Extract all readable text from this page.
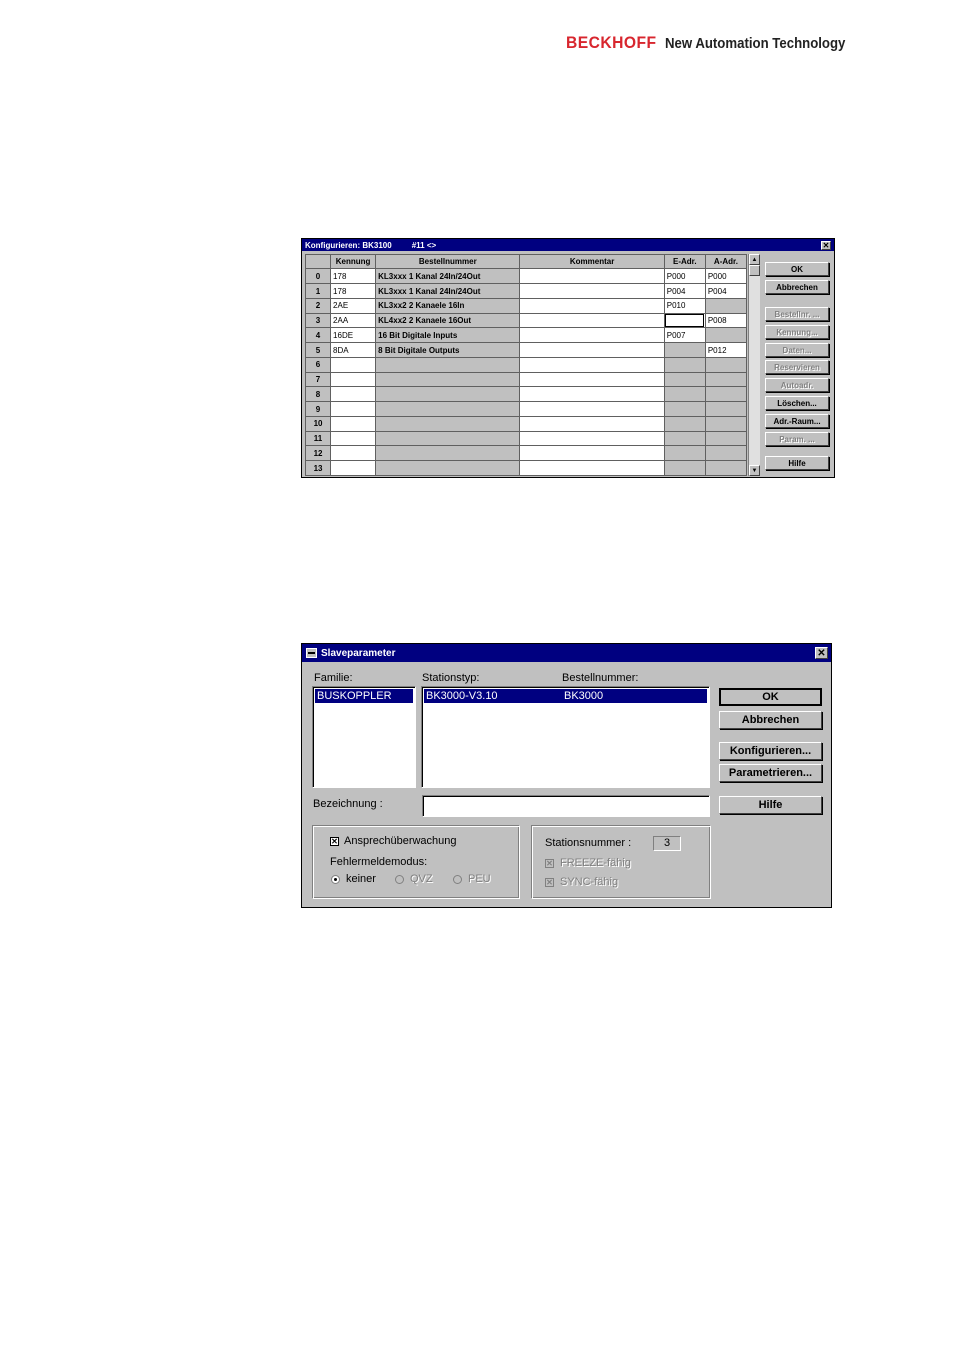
BECKHOFF New Automation Technology
Konfigurieren: BK3100	#11 <>	✕
	Kennung	Bestellnummer	Kommentar	E-Adr.	A-Adr.
0	178	KL3xxx 1 Kanal 24In/24Out		P000	P000
1	178	KL3xxx 1 Kanal 24In/24Out		P004	P004
2	2AE	KL3xx2 2 Kanaele 16In		P010	
3	2AA	KL4xx2 2 Kanaele 16Out			P008
4	16DE	16 Bit Digitale Inputs		P007	
5	8DA	8 Bit Digitale Outputs			P012
6					
7					
8					
9					
10					
11					
12					
13					
▲
▼
OK
Abbrechen
Bestellnr. ...
Kennung...
Daten...
Reservieren
Autoadr.
Löschen...
Adr.-Raum...
Param. ...
Hilfe
Slaveparameter	✕
Familie:
BUSKOPPLER
Stationstyp:	Bestellnummer:
BK3000-V3.10	BK3000	OK
Abbrechen
Konfigurieren...
Parametrieren...
Bezeichnung :	Hilfe
✕ Ansprechüberwachung
Fehlermeldemodus:
keiner	QVZ	PEU
Stationsnummer :	3
✕ FREEZE-fähig
✕ SYNC-fähig
